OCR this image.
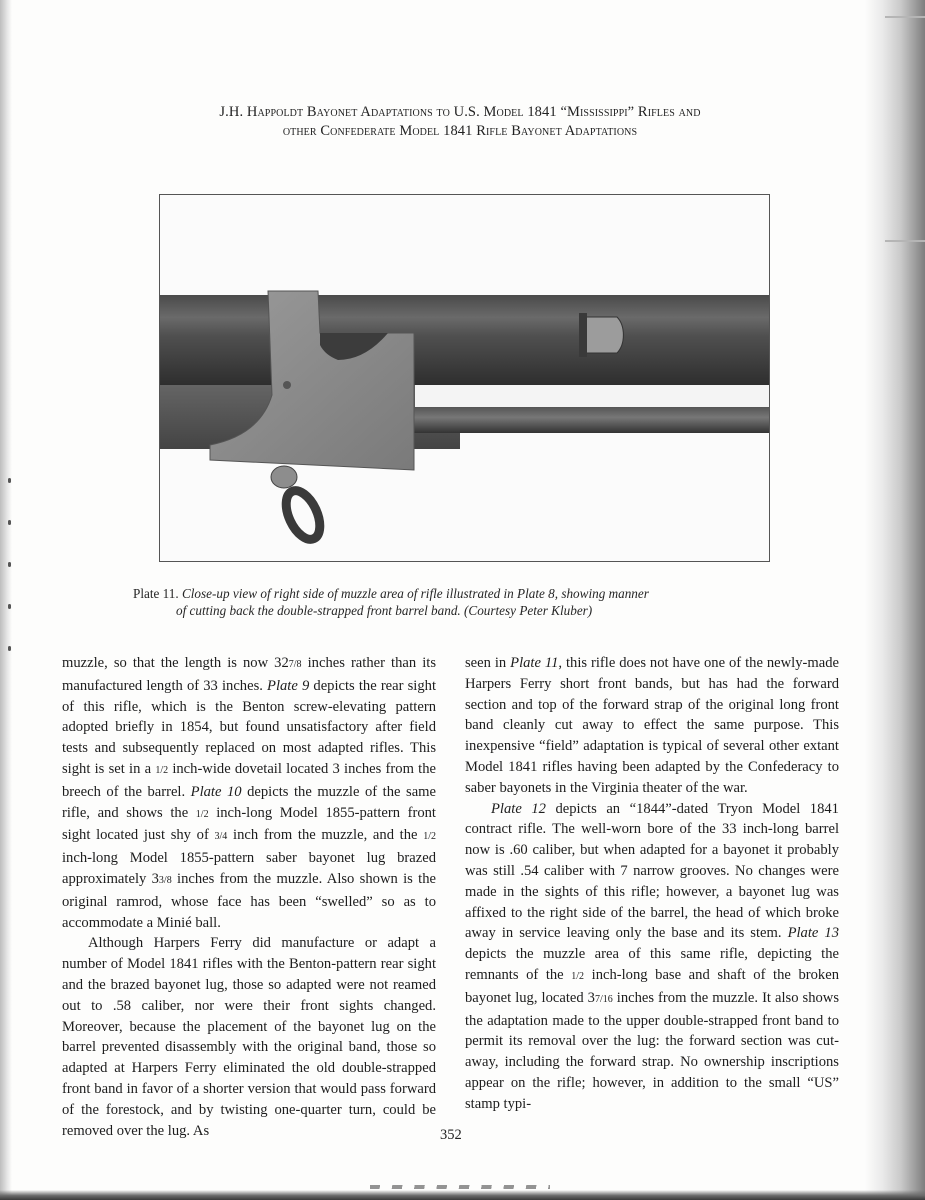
J.H. Happoldt Bayonet Adaptations to U.S. Model 1841 “Mississippi” Rifles and
other Confederate Model 1841 Rifle Bayonet Adaptations
Plate 11. Close-up view of right side of muzzle area of rifle illustrated in Plate 8, showing manner
of cutting back the double-strapped front barrel band. (Courtesy Peter Kluber)

muzzle, so that the length is now 327/8 inches rather than its manufactured length of 33 inches. Plate 9 depicts the rear sight of this rifle, which is the Benton screw-elevating pattern adopted briefly in 1854, but found unsatisfactory after field tests and subsequently replaced on most adapted rifles. This sight is set in a 1/2 inch-wide dovetail located 3 inches from the breech of the barrel. Plate 10 depicts the muzzle of the same rifle, and shows the 1/2 inch-long Model 1855-pattern front sight located just shy of 3/4 inch from the muzzle, and the 1/2 inch-long Model 1855-pattern saber bayonet lug brazed approximately 33/8 inches from the muzzle. Also shown is the original ramrod, whose face has been “swelled” so as to accommodate a Minié ball.

Although Harpers Ferry did manufacture or adapt a number of Model 1841 rifles with the Benton-pattern rear sight and the brazed bayonet lug, those so adapted were not reamed out to .58 caliber, nor were their front sights changed. Moreover, because the placement of the bayonet lug on the barrel prevented disassembly with the original band, those so adapted at Harpers Ferry eliminated the old double-strapped front band in favor of a shorter version that would pass forward of the forestock, and by twisting one-quarter turn, could be removed over the lug. As

seen in Plate 11, this rifle does not have one of the newly-made Harpers Ferry short front bands, but has had the forward section and top of the forward strap of the original long front band cleanly cut away to effect the same purpose. This inexpensive “field” adaptation is typical of several other extant Model 1841 rifles having been adapted by the Confederacy to saber bayonets in the Virginia theater of the war.

Plate 12 depicts an “1844”-dated Tryon Model 1841 contract rifle. The well-worn bore of the 33 inch-long barrel now is .60 caliber, but when adapted for a bayonet it probably was still .54 caliber with 7 narrow grooves. No changes were made in the sights of this rifle; however, a bayonet lug was affixed to the right side of the barrel, the head of which broke away in service leaving only the base and its stem. Plate 13 depicts the muzzle area of this same rifle, depicting the remnants of the 1/2 inch-long base and shaft of the broken bayonet lug, located 37/16 inches from the muzzle. It also shows the adaptation made to the upper double-strapped front band to permit its removal over the lug: the forward section was cut-away, including the forward strap. No ownership inscriptions appear on the rifle; however, in addition to the small “US” stamp typi-

352
